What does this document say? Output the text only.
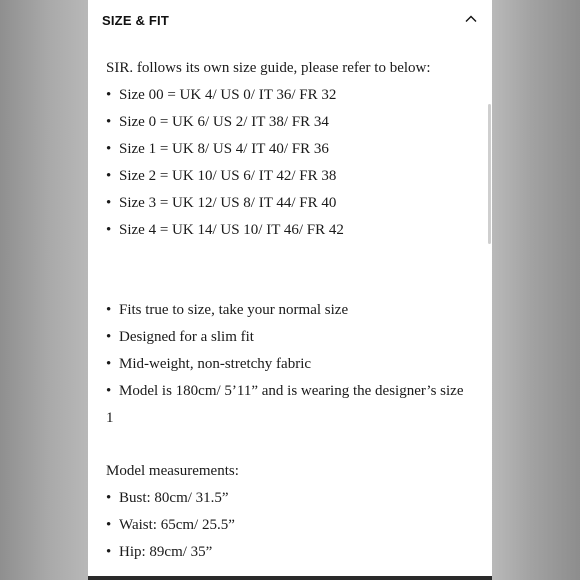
SIZE & FIT
SIR. follows its own size guide, please refer to below:
• Size 00 = UK 4/ US 0/ IT 36/ FR 32
• Size 0 = UK 6/ US 2/ IT 38/ FR 34
• Size 1 = UK 8/ US 4/ IT 40/ FR 36
• Size 2 = UK 10/ US 6/ IT 42/ FR 38
• Size 3 = UK 12/ US 8/ IT 44/ FR 40
• Size 4 = UK 14/ US 10/ IT 46/ FR 42
• Fits true to size, take your normal size
• Designed for a slim fit
• Mid-weight, non-stretchy fabric
• Model is 180cm/ 5’11” and is wearing the designer’s size
1
Model measurements:
• Bust: 80cm/ 31.5”
• Waist: 65cm/ 25.5”
• Hip: 89cm/ 35”
